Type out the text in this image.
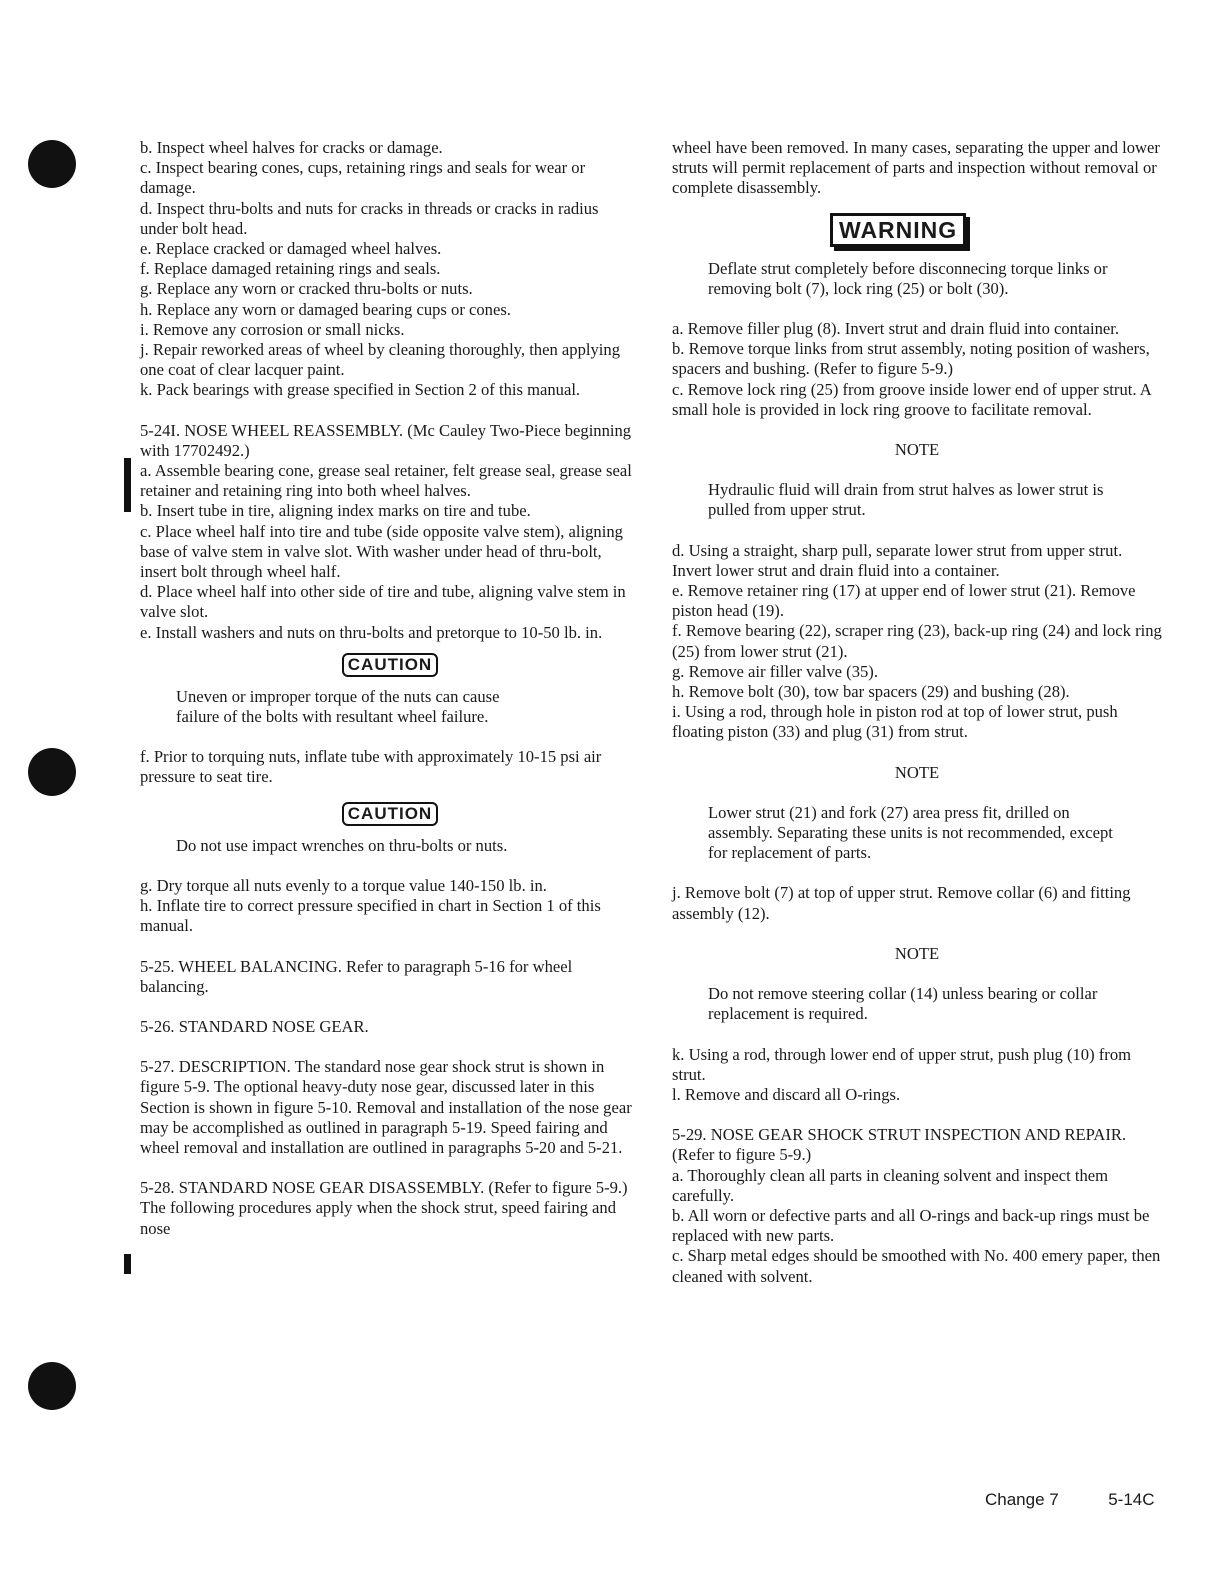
b. Inspect wheel halves for cracks or damage.

c. Inspect bearing cones, cups, retaining rings and seals for wear or damage.

d. Inspect thru-bolts and nuts for cracks in threads or cracks in radius under bolt head.

e. Replace cracked or damaged wheel halves.

f. Replace damaged retaining rings and seals.

g. Replace any worn or cracked thru-bolts or nuts.

h. Replace any worn or damaged bearing cups or cones.

i. Remove any corrosion or small nicks.

j. Repair reworked areas of wheel by cleaning thoroughly, then applying one coat of clear lacquer paint.

k. Pack bearings with grease specified in Section 2 of this manual.

5-24I. NOSE WHEEL REASSEMBLY. (Mc Cauley Two-Piece beginning with 17702492.)

a. Assemble bearing cone, grease seal retainer, felt grease seal, grease seal retainer and retaining ring into both wheel halves.

b. Insert tube in tire, aligning index marks on tire and tube.

c. Place wheel half into tire and tube (side opposite valve stem), aligning base of valve stem in valve slot. With washer under head of thru-bolt, insert bolt through wheel half.

d. Place wheel half into other side of tire and tube, aligning valve stem in valve slot.

e. Install washers and nuts on thru-bolts and pretorque to 10-50 lb. in.

CAUTION

Uneven or improper torque of the nuts can cause failure of the bolts with resultant wheel failure.

f. Prior to torquing nuts, inflate tube with approximately 10-15 psi air pressure to seat tire.

CAUTION

Do not use impact wrenches on thru-bolts or nuts.

g. Dry torque all nuts evenly to a torque value 140-150 lb. in.

h. Inflate tire to correct pressure specified in chart in Section 1 of this manual.

5-25. WHEEL BALANCING. Refer to paragraph 5-16 for wheel balancing.

5-26. STANDARD NOSE GEAR.

5-27. DESCRIPTION. The standard nose gear shock strut is shown in figure 5-9. The optional heavy-duty nose gear, discussed later in this Section is shown in figure 5-10. Removal and installation of the nose gear may be accomplished as outlined in paragraph 5-19. Speed fairing and wheel removal and installation are outlined in paragraphs 5-20 and 5-21.

5-28. STANDARD NOSE GEAR DISASSEMBLY. (Refer to figure 5-9.) The following procedures apply when the shock strut, speed fairing and nose

wheel have been removed. In many cases, separating the upper and lower struts will permit replacement of parts and inspection without removal or complete disassembly.

WARNING

Deflate strut completely before disconnecing torque links or removing bolt (7), lock ring (25) or bolt (30).

a. Remove filler plug (8). Invert strut and drain fluid into container.

b. Remove torque links from strut assembly, noting position of washers, spacers and bushing. (Refer to figure 5-9.)

c. Remove lock ring (25) from groove inside lower end of upper strut. A small hole is provided in lock ring groove to facilitate removal.

NOTE

Hydraulic fluid will drain from strut halves as lower strut is pulled from upper strut.

d. Using a straight, sharp pull, separate lower strut from upper strut. Invert lower strut and drain fluid into a container.

e. Remove retainer ring (17) at upper end of lower strut (21). Remove piston head (19).

f. Remove bearing (22), scraper ring (23), back-up ring (24) and lock ring (25) from lower strut (21).

g. Remove air filler valve (35).

h. Remove bolt (30), tow bar spacers (29) and bushing (28).

i. Using a rod, through hole in piston rod at top of lower strut, push floating piston (33) and plug (31) from strut.

NOTE

Lower strut (21) and fork (27) area press fit, drilled on assembly. Separating these units is not recommended, except for replacement of parts.

j. Remove bolt (7) at top of upper strut. Remove collar (6) and fitting assembly (12).

NOTE

Do not remove steering collar (14) unless bearing or collar replacement is required.

k. Using a rod, through lower end of upper strut, push plug (10) from strut.

l. Remove and discard all O-rings.

5-29. NOSE GEAR SHOCK STRUT INSPECTION AND REPAIR. (Refer to figure 5-9.)

a. Thoroughly clean all parts in cleaning solvent and inspect them carefully.

b. All worn or defective parts and all O-rings and back-up rings must be replaced with new parts.

c. Sharp metal edges should be smoothed with No. 400 emery paper, then cleaned with solvent.

Change 7	5-14C
